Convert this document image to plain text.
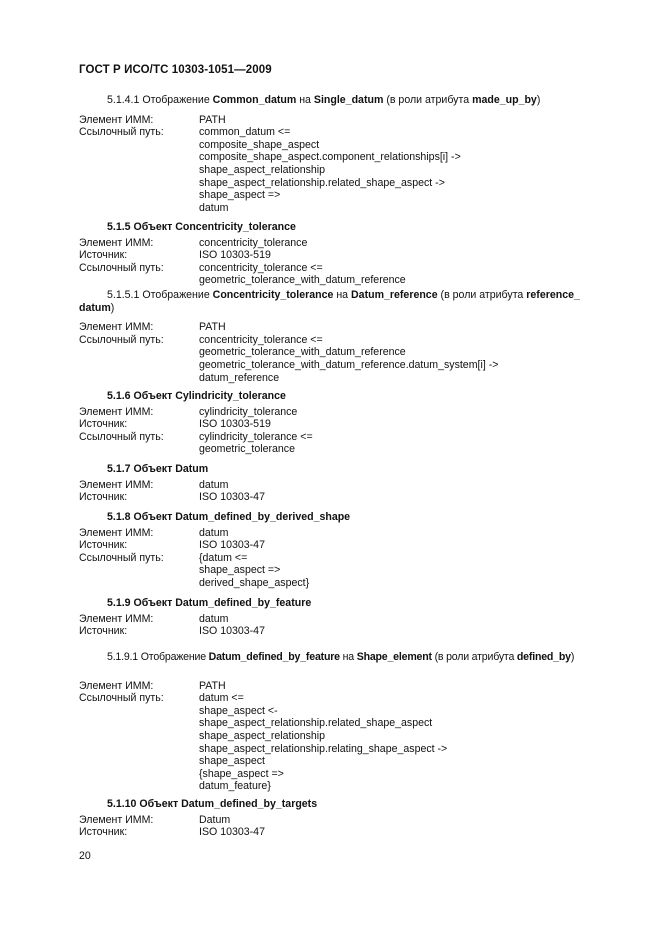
ГОСТ Р ИСО/ТС 10303-1051—2009
5.1.4.1 Отображение Common_datum на Single_datum (в роли атрибута made_up_by)
Элемент ИММ:	PATH
Ссылочный путь:	common_datum <=
composite_shape_aspect
composite_shape_aspect.component_relationships[i] ->
shape_aspect_relationship
shape_aspect_relationship.related_shape_aspect ->
shape_aspect =>
datum
5.1.5 Объект Concentricity_tolerance
Элемент ИММ:	concentricity_tolerance
Источник:	ISO 10303-519
Ссылочный путь:	concentricity_tolerance <=
geometric_tolerance_with_datum_reference
5.1.5.1 Отображение Concentricity_tolerance на Datum_reference (в роли атрибута reference_
datum)
Элемент ИММ:	PATH
Ссылочный путь:	concentricity_tolerance <=
geometric_tolerance_with_datum_reference
geometric_tolerance_with_datum_reference.datum_system[i] ->
datum_reference
5.1.6 Объект Cylindricity_tolerance
Элемент ИММ:	cylindricity_tolerance
Источник:	ISO 10303-519
Ссылочный путь:	cylindricity_tolerance <=
geometric_tolerance
5.1.7 Объект Datum
Элемент ИММ:	datum
Источник:	ISO 10303-47
5.1.8 Объект Datum_defined_by_derived_shape
Элемент ИММ:	datum
Источник:	ISO 10303-47
Ссылочный путь:	{datum <=
shape_aspect =>
derived_shape_aspect}
5.1.9 Объект Datum_defined_by_feature
Элемент ИММ:	datum
Источник:	ISO 10303-47
5.1.9.1 Отображение Datum_defined_by_feature на Shape_element (в роли атрибута defined_by)
Элемент ИММ:	PATH
Ссылочный путь:	datum <=
shape_aspect <-
shape_aspect_relationship.related_shape_aspect
shape_aspect_relationship
shape_aspect_relationship.relating_shape_aspect ->
shape_aspect
{shape_aspect =>
datum_feature}
5.1.10 Объект Datum_defined_by_targets
Элемент ИММ:	Datum
Источник:	ISO 10303-47
20
